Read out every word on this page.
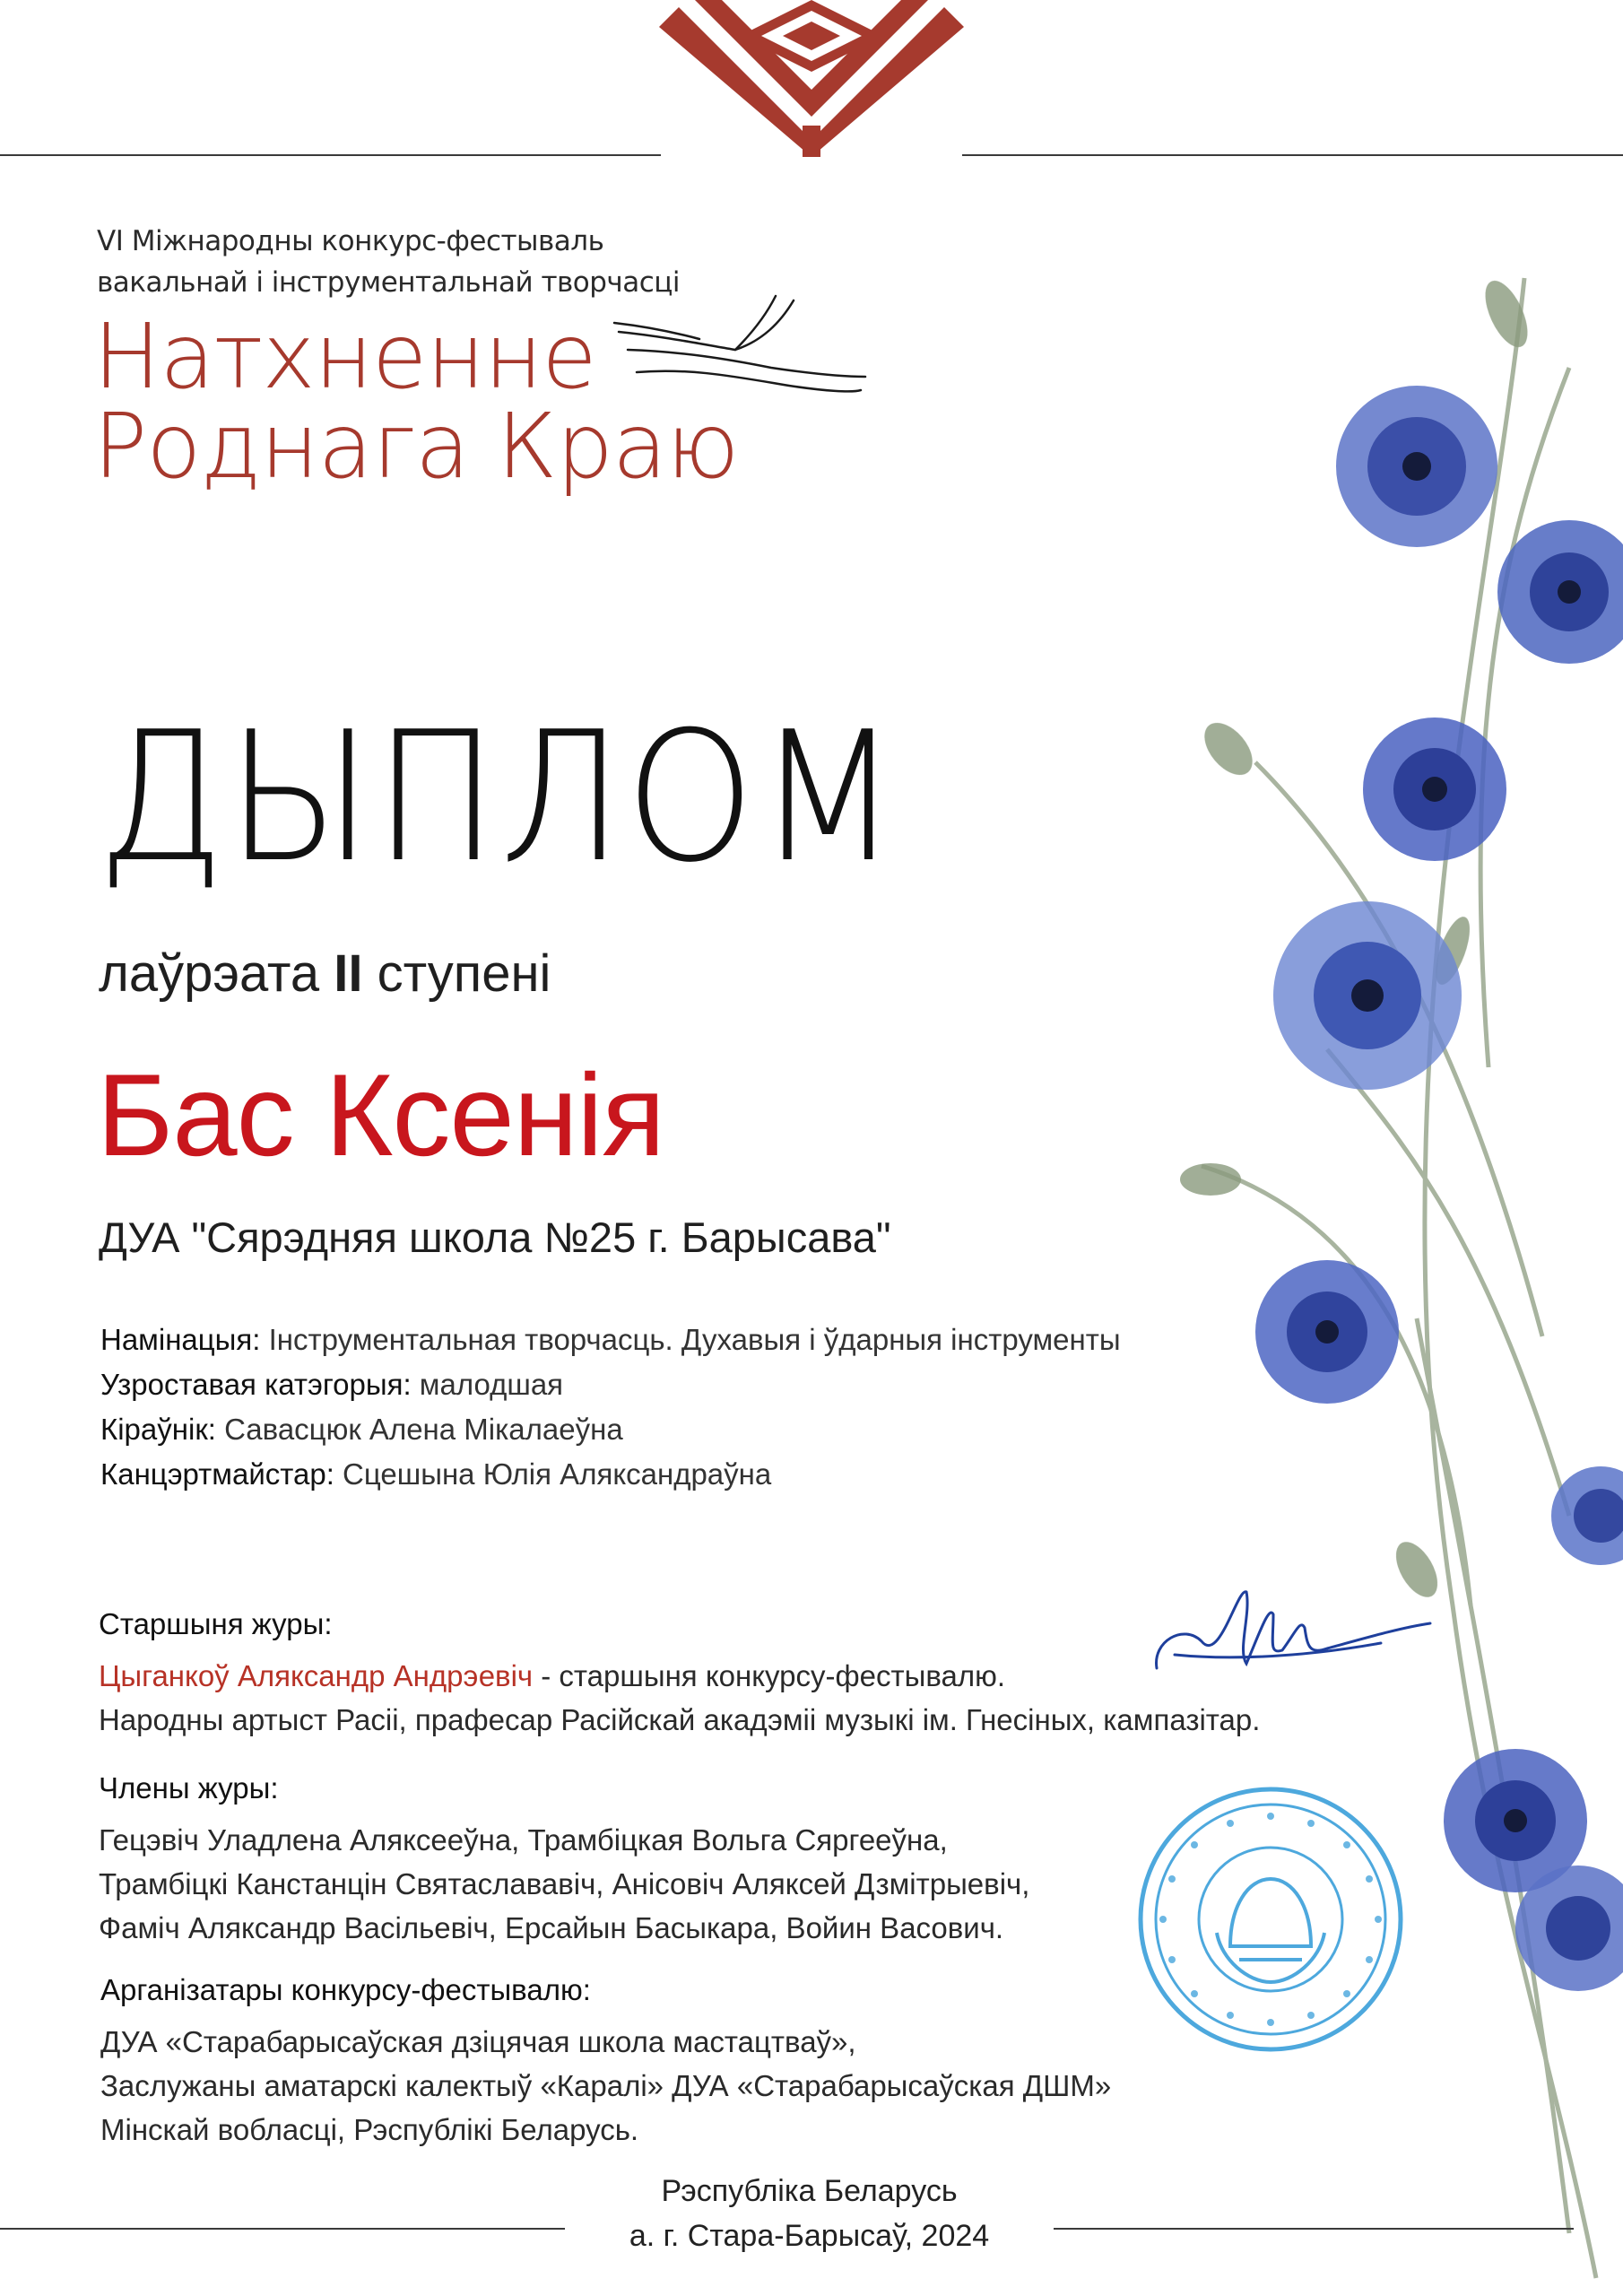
VI Міжнародны конкурс-фестываль
вакальнай і інструментальнай творчасці
Натхненне
Роднага Краю
ДЫПЛОМ
лаўрэата II ступені
Бас Ксенія
ДУА "Сярэдняя школа №25 г. Барысава"
Намінацыя: Інструментальная творчасць. Духавыя і ўдарныя інструменты
Узроставая катэгорыя: малодшая
Кіраўнік: Савасцюк Алена Мікалаеўна
Канцэртмайстар: Сцешына Юлія Аляксандраўна
Старшыня журы:
Цыганкоў Аляксандр Андрэевіч - старшыня конкурсу-фестывалю.
Народны артыст Расіі, прафесар Расійскай акадэміі музыкі ім. Гнесіных, кампазітар.
Члены журы:
Гецэвіч Уладлена Аляксееўна, Трамбіцкая Вольга Сяргееўна,
Трамбіцкі Канстанцін Святаслававіч, Анісовіч Аляксей Дзмітрыевіч,
Фаміч Аляксандр Васільевіч, Ерсайын Басыкара, Войин Васович.
Арганізатары конкурсу-фестывалю:
ДУА «Старабарысаўская дзіцячая школа мастацтваў»,
Заслужаны аматарскі калектыў «Каралі» ДУА «Старабарысаўская ДШМ»
Мінскай вобласці, Рэспублікі Беларусь.
Рэспубліка Беларусь
а. г. Стара-Барысаў, 2024
